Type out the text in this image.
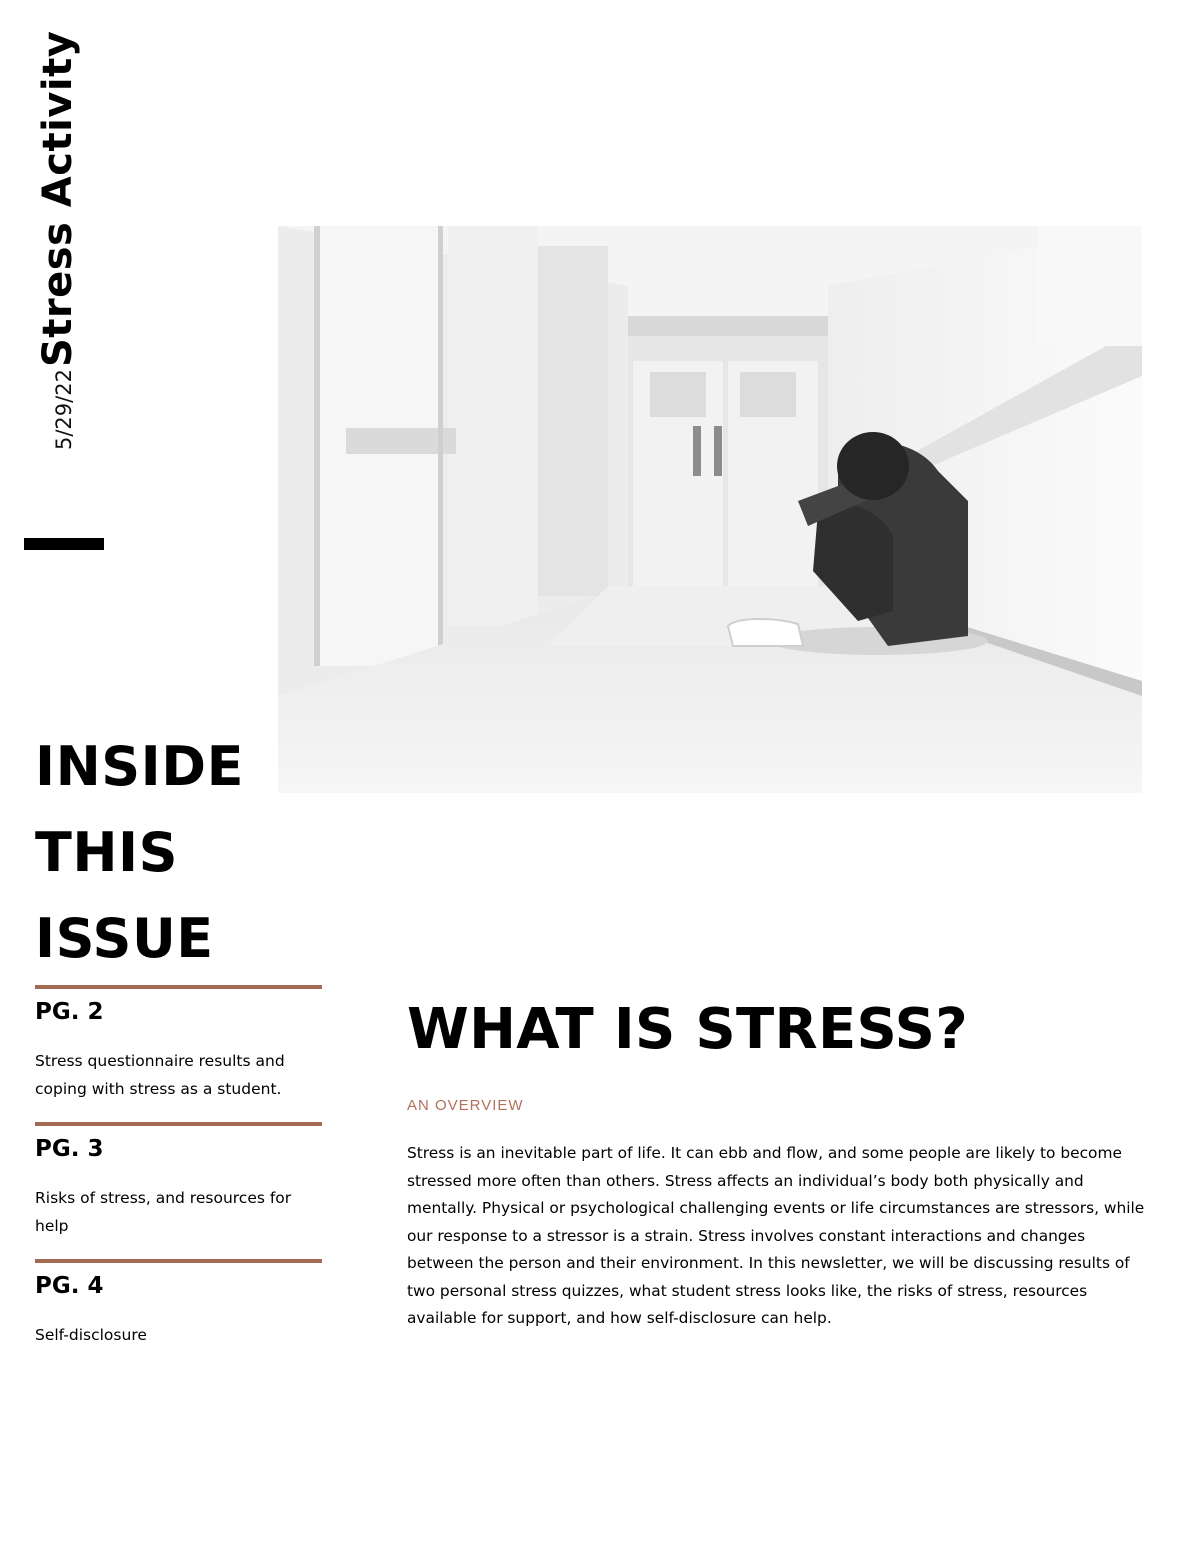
5/29/22
Stress Activity
INSIDE
THIS
ISSUE
PG. 2
Stress questionnaire results and coping with stress as a student.
PG. 3
Risks of stress, and resources for help
PG. 4
Self-disclosure
WHAT IS STRESS?
AN OVERVIEW
Stress is an inevitable part of life. It can ebb and flow, and some people are likely to become stressed more often than others. Stress affects an individual’s body both physically and mentally. Physical or psychological challenging events or life circumstances are stressors, while our response to a stressor is a strain. Stress involves constant interactions and changes between the person and their environment. In this newsletter, we will be discussing results of two personal stress quizzes, what student stress looks like, the risks of stress, resources available for support, and how self-disclosure can help.
